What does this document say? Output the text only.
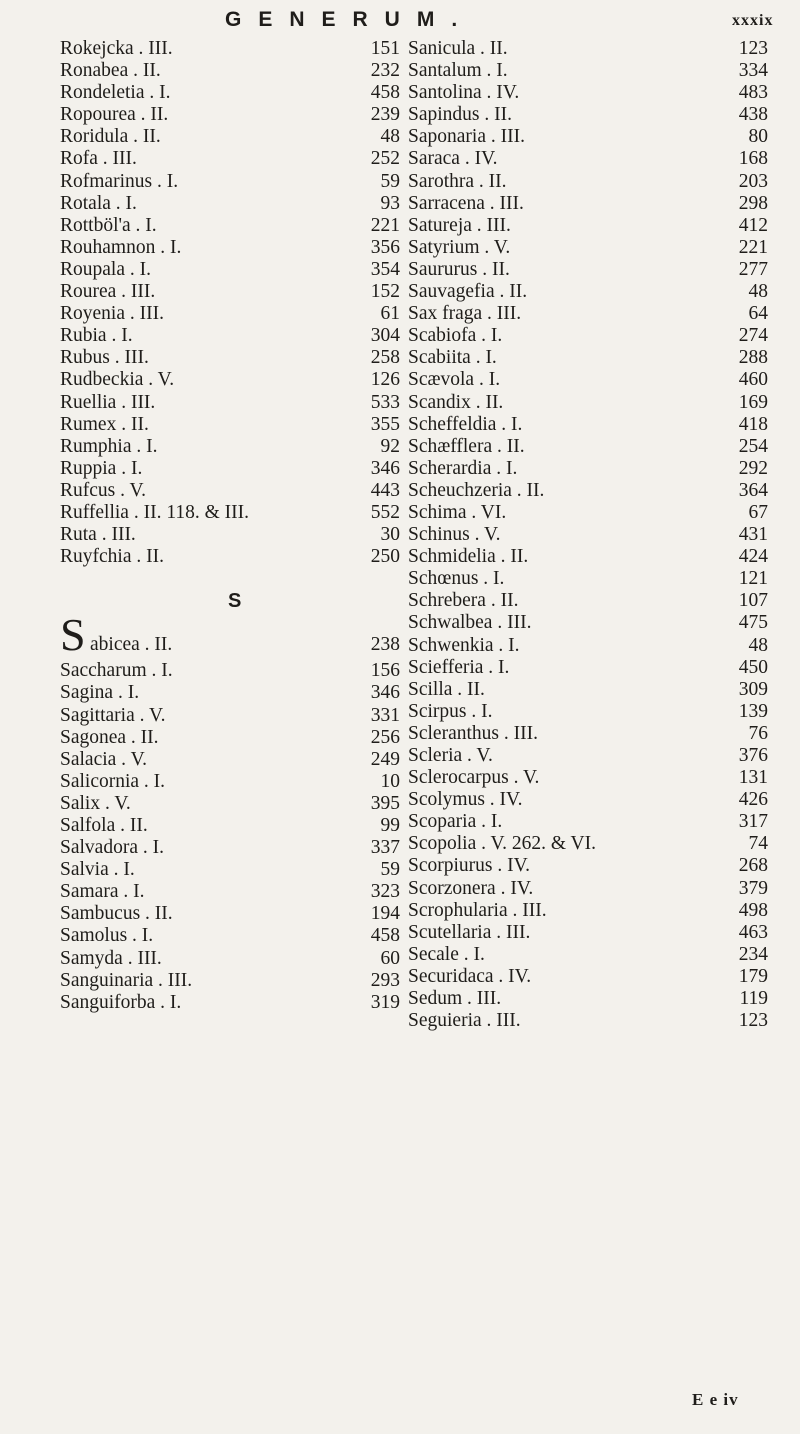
GENERUM.	xxxix
Rokejcka . III.	151
Ronabea . II.	232
Rondeletia . I.	458
Ropourea . II.	239
Roridula . II.	48
Rofa . III.	252
Rofmarinus . I.	59
Rotala . I.	93
Rottböl'a . I.	221
Rouhamnon . I.	356
Roupala . I.	354
Rourea . III.	152
Royenia . III.	61
Rubia . I.	304
Rubus . III.	258
Rudbeckia . V.	126
Ruellia . III.	533
Rumex . II.	355
Rumphia . I.	92
Ruppia . I.	346
Rufcus . V.	443
Ruffellia . II. 118. & III.	552
Ruta . III.	30
Ruyfchia . II.	250
S
S abicea . II.	238
Saccharum . I.	156
Sagina . I.	346
Sagittaria . V.	331
Sagonea . II.	256
Salacia . V.	249
Salicornia . I.	10
Salix . V.	395
Salfola . II.	99
Salvadora . I.	337
Salvia . I.	59
Samara . I.	323
Sambucus . II.	194
Samolus . I.	458
Samyda . III.	60
Sanguinaria . III.	293
Sanguiforba . I.	319
Sanicula . II.	123
Santalum . I.	334
Santolina . IV.	483
Sapindus . II.	438
Saponaria . III.	80
Saraca . IV.	168
Sarothra . II.	203
Sarracena . III.	298
Satureja . III.	412
Satyrium . V.	221
Saururus . II.	277
Sauvagefia . II.	48
Sax fraga . III.	64
Scabiofa . I.	274
Scabiita . I.	288
Scævola . I.	460
Scandix . II.	169
Scheffeldia . I.	418
Schæfflera . II.	254
Scherardia . I.	292
Scheuchzeria . II.	364
Schima . VI.	67
Schinus . V.	431
Schmidelia . II.	424
Schœnus . I.	121
Schrebera . II.	107
Schwalbea . III.	475
Schwenkia . I.	48
Sciefferia . I.	450
Scilla . II.	309
Scirpus . I.	139
Scleranthus . III.	76
Scleria . V.	376
Sclerocarpus . V.	131
Scolymus . IV.	426
Scoparia . I.	317
Scopolia . V. 262. & VI.	74
Scorpiurus . IV.	268
Scorzonera . IV.	379
Scrophularia . III.	498
Scutellaria . III.	463
Secale . I.	234
Securidaca . IV.	179
Sedum . III.	119
Seguieria . III.	123
E e iv
